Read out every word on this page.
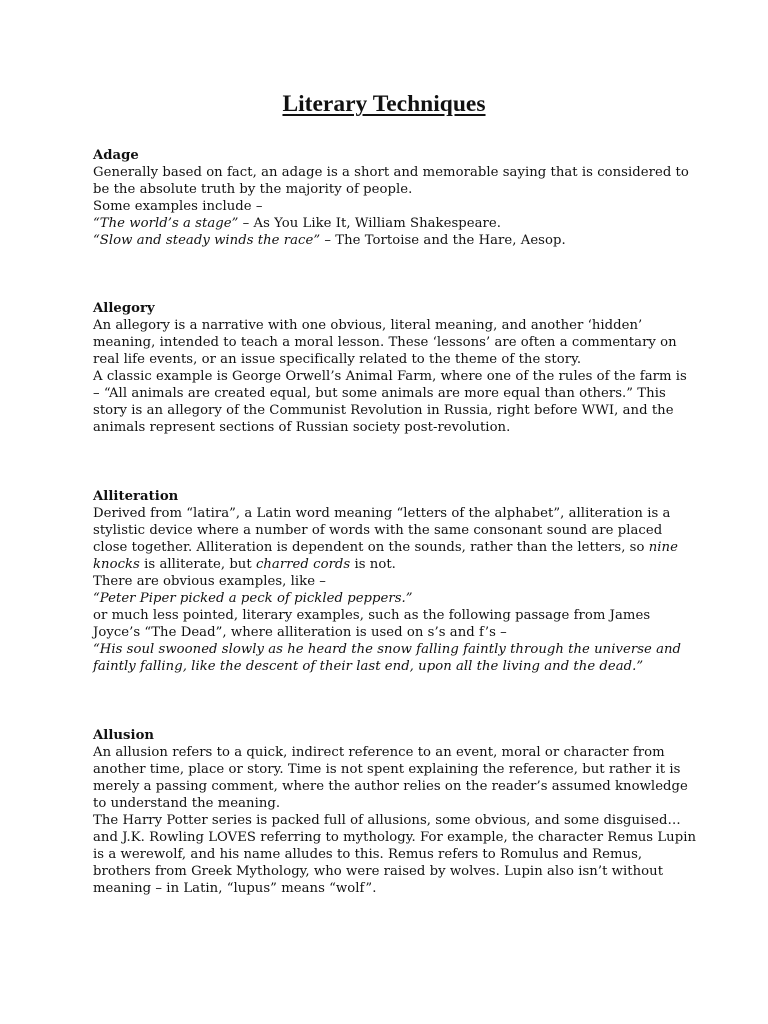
Literary Techniques
Adage
Generally based on fact, an adage is a short and memorable saying that is considered to
be the absolute truth by the majority of people.
Some examples include –
“The world’s a stage” – As You Like It, William Shakespeare.
“Slow and steady winds the race” – The Tortoise and the Hare, Aesop.
Allegory
An allegory is a narrative with one obvious, literal meaning, and another ‘hidden’
meaning, intended to teach a moral lesson. These ‘lessons’ are often a commentary on
real life events, or an issue specifically related to the theme of the story.
A classic example is George Orwell’s Animal Farm, where one of the rules of the farm is
– “All animals are created equal, but some animals are more equal than others.” This
story is an allegory of the Communist Revolution in Russia, right before WWI, and the
animals represent sections of Russian society post-revolution.
Alliteration
Derived from “latira”, a Latin word meaning “letters of the alphabet”, alliteration is a
stylistic device where a number of words with the same consonant sound are placed
close together. Alliteration is dependent on the sounds, rather than the letters, so nine
knocks is alliterate, but charred cords is not.
There are obvious examples, like –
“Peter Piper picked a peck of pickled peppers.”
or much less pointed, literary examples, such as the following passage from James
Joyce’s “The Dead”, where alliteration is used on s’s and f’s –
“His soul swooned slowly as he heard the snow falling faintly through the universe and
faintly falling, like the descent of their last end, upon all the living and the dead.”
Allusion
An allusion refers to a quick, indirect reference to an event, moral or character from
another time, place or story. Time is not spent explaining the reference, but rather it is
merely a passing comment, where the author relies on the reader’s assumed knowledge
to understand the meaning.
The Harry Potter series is packed full of allusions, some obvious, and some disguised…
and J.K. Rowling LOVES referring to mythology. For example, the character Remus Lupin
is a werewolf, and his name alludes to this. Remus refers to Romulus and Remus,
brothers from Greek Mythology, who were raised by wolves. Lupin also isn’t without
meaning – in Latin, “lupus” means “wolf”.
